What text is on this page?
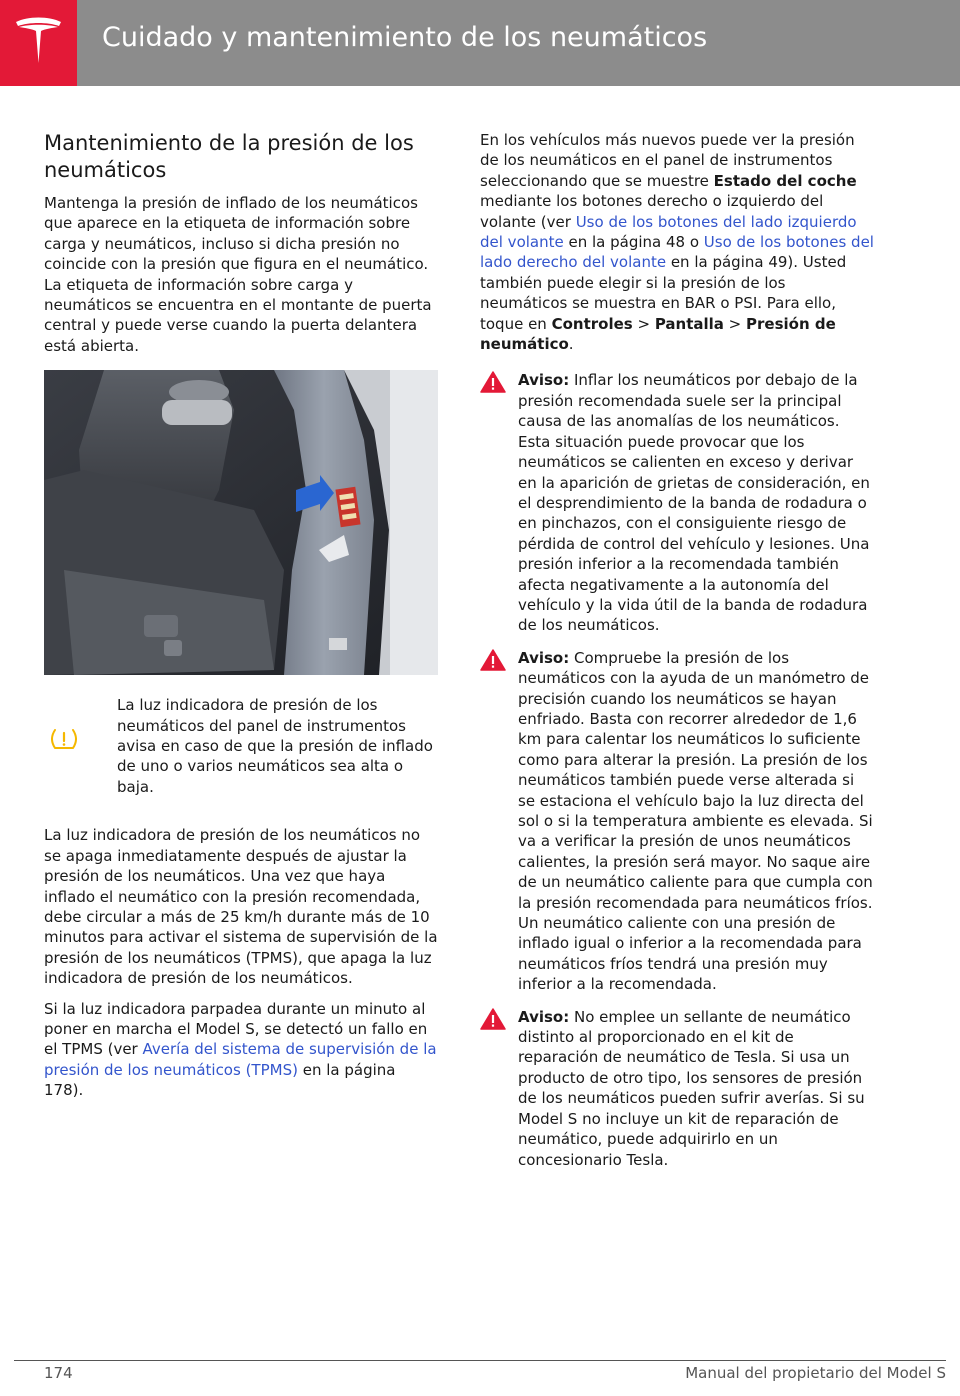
Cuidado y mantenimiento de los neumáticos
Mantenimiento de la presión de los neumáticos

Mantenga la presión de inflado de los neumáticos que aparece en la etiqueta de información sobre carga y neumáticos, incluso si dicha presión no coincide con la presión que figura en el neumático. La etiqueta de información sobre carga y neumáticos se encuentra en el montante de puerta central y puede verse cuando la puerta delantera está abierta.

La luz indicadora de presión de los neumáticos del panel de instrumentos avisa en caso de que la presión de inflado de uno o varios neumáticos sea alta o baja.

La luz indicadora de presión de los neumáticos no se apaga inmediatamente después de ajustar la presión de los neumáticos. Una vez que haya inflado el neumático con la presión recomendada, debe circular a más de 25 km/h durante más de 10 minutos para activar el sistema de supervisión de la presión de los neumáticos (TPMS), que apaga la luz indicadora de presión de los neumáticos.

Si la luz indicadora parpadea durante un minuto al poner en marcha el Model S, se detectó un fallo en el TPMS (ver Avería del sistema de supervisión de la presión de los neumáticos (TPMS) en la página 178).

En los vehículos más nuevos puede ver la presión de los neumáticos en el panel de instrumentos seleccionando que se muestre Estado del coche mediante los botones derecho o izquierdo del volante (ver Uso de los botones del lado izquierdo del volante en la página 48 o Uso de los botones del lado derecho del volante en la página 49). Usted también puede elegir si la presión de los neumáticos se muestra en BAR o PSI. Para ello, toque en Controles > Pantalla > Presión de neumático.

Aviso: Inflar los neumáticos por debajo de la presión recomendada suele ser la principal causa de las anomalías de los neumáticos. Esta situación puede provocar que los neumáticos se calienten en exceso y derivar en la aparición de grietas de consideración, en el desprendimiento de la banda de rodadura o en pinchazos, con el consiguiente riesgo de pérdida de control del vehículo y lesiones. Una presión inferior a la recomendada también afecta negativamente a la autonomía del vehículo y la vida útil de la banda de rodadura de los neumáticos.

Aviso: Compruebe la presión de los neumáticos con la ayuda de un manómetro de precisión cuando los neumáticos se hayan enfriado. Basta con recorrer alrededor de 1,6 km para calentar los neumáticos lo suficiente como para alterar la presión. La presión de los neumáticos también puede verse alterada si se estaciona el vehículo bajo la luz directa del sol o si la temperatura ambiente es elevada. Si va a verificar la presión de unos neumáticos calientes, la presión será mayor. No saque aire de un neumático caliente para que cumpla con la presión recomendada para neumáticos fríos. Un neumático caliente con una presión de inflado igual o inferior a la recomendada para neumáticos fríos tendrá una presión muy inferior a la recomendada.

Aviso: No emplee un sellante de neumático distinto al proporcionado en el kit de reparación de neumático de Tesla. Si usa un producto de otro tipo, los sensores de presión de los neumáticos pueden sufrir averías. Si su Model S no incluye un kit de reparación de neumático, puede adquirirlo en un concesionario Tesla.

174	Manual del propietario del Model S
